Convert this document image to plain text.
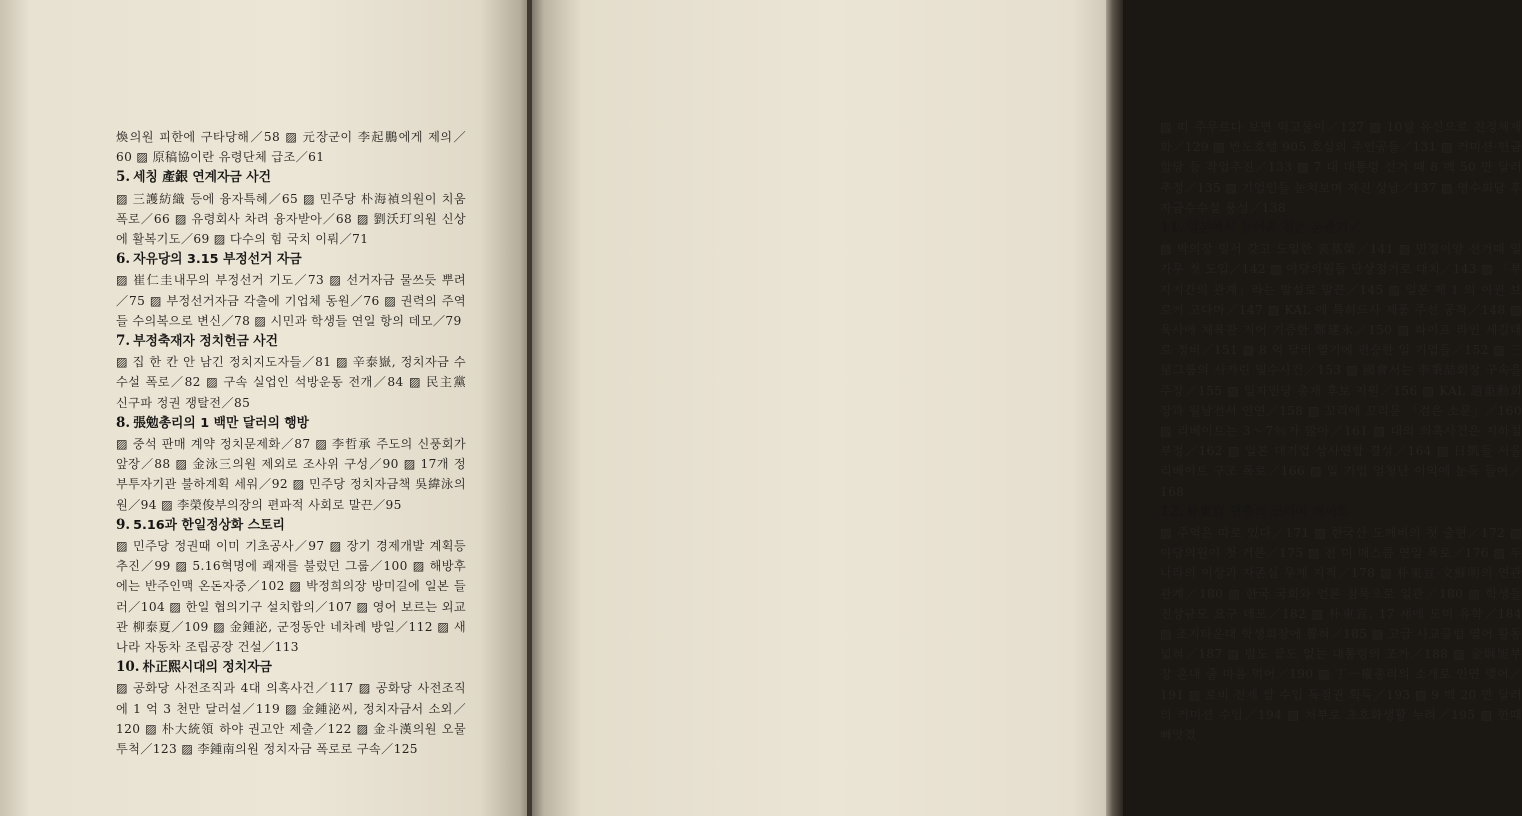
煥의원 피한에 구타당해／58 ▨ 元장군이 李起鵬에게 제의／60 ▨ 原稿協이란 유령단체 급조／61

5. 세칭 產銀 연계자금 사건

▨ 三護紡織 등에 융자특혜／65 ▨ 민주당 朴海禎의원이 치움 폭로／66 ▨ 유령회사 차려 융자받아／68 ▨ 劉沃玎의원 신상에 활복기도／69 ▨ 다수의 힘 국치 이뤄／71

6. 자유당의 3.15 부정선거 자금

▨ 崔仁圭내무의 부정선거 기도／73 ▨ 선거자금 물쓰듯 뿌려／75 ▨ 부정선거자금 각출에 기업체 동원／76 ▨ 권력의 주역들 수의복으로 변신／78 ▨ 시민과 학생들 연일 항의 데모／79

7. 부정축재자 정치헌금 사건

▨ 집 한 칸 안 남긴 정치지도자들／81 ▨ 辛泰嶽, 정치자금 수수설 폭로／82 ▨ 구속 실업인 석방운동 전개／84 ▨ 民主黨 신구파 정권 쟁탈전／85

8. 張勉총리의 1 백만 달러의 행방

▨ 중석 판매 계약 정치문제화／87 ▨ 李哲承 주도의 신풍회가 앞장／88 ▨ 金泳三의원 제외로 조사위 구성／90 ▨ 17개 정부투자기관 불하계획 세워／92 ▨ 민주당 정치자금책 吳緯泳의원／94 ▨ 李榮俊부의장의 편파적 사회로 말끈／95

9. 5.16과 한일정상화 스토리

▨ 민주당 정권때 이미 기초공사／97 ▨ 장기 경제개발 계획등 추진／99 ▨ 5.16혁명에 쾌재를 불렀던 그룹／100 ▨ 해방후에는 반주인맥 온돈자중／102 ▨ 박정희의장 방미길에 일본 들러／104 ▨ 한일 협의기구 설치합의／107 ▨ 영어 보르는 외교관 柳泰夏／109 ▨ 金鍾泌, 군정동안 네차례 방일／112 ▨ 새나라 자동차 조립공장 건설／113

10. 朴正熙시대의 정치자금

▨ 공화당 사전조직과 4대 의혹사건／117 ▨ 공화당 사전조직에 1 억 3 천만 달러설／119 ▨ 金鍾泌씨, 정치자금서 소외／120 ▨ 朴大統領 하야 권고안 제출／122 ▨ 金斗漢의원 오물투척／123 ▨ 李鍾南의원 정치자금 폭로로 구속／125

▨ 떠 주무르다 보면 떡고물이／127 ▨ 10월 유신으로 친정체제화／129 ▨ 반도호텔 905 호실의 주인공들／131 ▨ 커미션·헌금 할당 등 작업추진／133 ▨ 7 대 대통령 선거 때 8 백 50 만 달러 추정／135 ▨ 기업인들 눈치보며 자진 상납／137 ▨ 영수회담 후 자금수수설 풍성／138

11. 일본에서 들어온 검은 돈줄기／

▨ 박의장 빌서 갖고 도일한 裵基榮／141 ▨ 민정이양 선거때 밀가루 첫 도입／142 ▨ 야당의원들 단상점거로 대치／143 ▨ 「부자지간의 관계」라는 발설로 말끈／145 ▨ 일본 제 1 의 이권 브로커 고다마／147 ▨ KAL 에 특히드사 제품 주선 공작／148 ▨ 육사에 체육관 지어 기증한 鄭建永／150 ▨ 파이프 라인 세길대로 정비／151 ▨ 8 억 달러 열기에 편승한 일 기업들／152 ▨ 三星그룹의 사카린 밀수사건／153 ▨ 國會서는 李秉喆회장 구속을 주장／155 ▨ 일자민당 총재 후보 지원／156 ▨ KAL 趙重勳회장과 월남전서 인연／158 ▨ 꼬리에 꼬리문 「검은 소문」／160 ▨ 리베이트는 3～7％가 많아／161 ▨ 대의 의혹사건은 지하철 부정／162 ▨ 일본 대기업 상사연합 결성／164 ▨ 日凱들 서울 리베이트 구조 폭로／166 ▨ 일 기업 엄청난 이익에 눈독 들여／168

12. 朴東宣 연출의 코리아 게이트

▨ 주역은 따로 있다／171 ▨ 한국산 도깨비의 첫 출현／172 ▨ 야당의원이 첫 거론／175 ▨ 전 미 매스콤 연일 폭로／176 ▨ 두 나라의 이상과 자존심 무제 지적／178 ▨ 朴東宣·文鮮明의 연관관계／180 ▨ 한국 국회와 언론 침묵으로 일관／180 ▨ 학생들 진상규모 요구 데모／182 ▨ 朴東宣, 17 세에 도미 유학／184 ▨ 조지타운대 학생회장에 뽑혀／185 ▨ 고급 사교클럽 열어 활동 넓혀／187 ▨ 빌도 끝도 없는 대통령의 조카／188 ▨ 金炯旭부장 혼내 줄 마음 먹어／190 ▨ 丁一權총리의 소개로 인연 맺어／191 ▨ 로비 전제 쌀 수입 독점권 획득／193 ▨ 9 백 20 만 달러의 커미션 수입／194 ▨ 처부로 초호화생활 누려／195 ▨ 한때 빼앗겼
